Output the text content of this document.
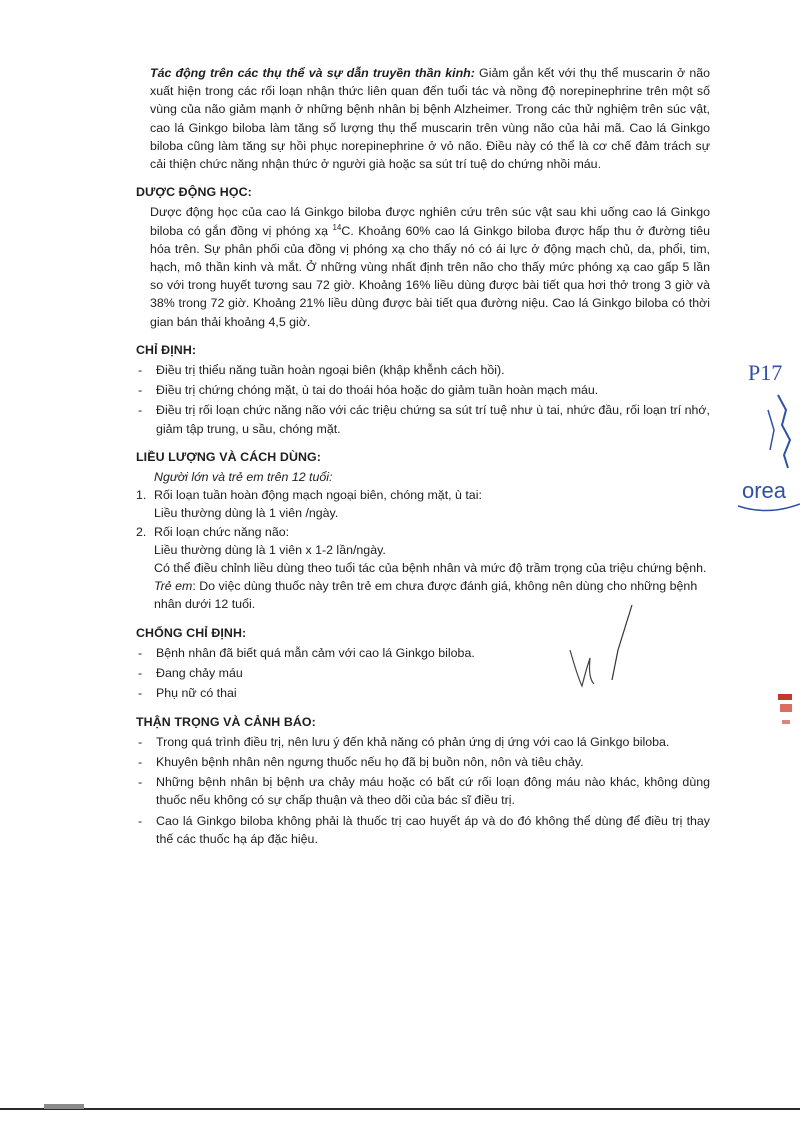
Tác động trên các thụ thể và sự dẫn truyền thần kinh: Giảm gắn kết với thụ thể muscarin ở não xuất hiện trong các rối loạn nhận thức liên quan đến tuổi tác và nồng độ norepinephrine trên một số vùng của não giảm mạnh ở những bệnh nhân bị bệnh Alzheimer. Trong các thử nghiệm trên súc vật, cao lá Ginkgo biloba làm tăng số lượng thụ thể muscarin trên vùng não của hải mã. Cao lá Ginkgo biloba cũng làm tăng sự hồi phục norepinephrine ở vỏ não. Điều này có thể là cơ chế đảm trách sự cải thiện chức năng nhận thức ở người già hoặc sa sút trí tuệ do chứng nhồi máu.

DƯỢC ĐỘNG HỌC:

Dược động học của cao lá Ginkgo biloba được nghiên cứu trên súc vật sau khi uống cao lá Ginkgo biloba có gắn đồng vị phóng xạ $^{14}$C. Khoảng 60% cao lá Ginkgo biloba được hấp thu ở đường tiêu hóa trên. Sự phân phối của đồng vị phóng xạ cho thấy nó có ái lực ở động mạch chủ, da, phổi, tim, hạch, mô thần kinh và mắt. Ở những vùng nhất định trên não cho thấy mức phóng xạ cao gấp 5 lần so với trong huyết tương sau 72 giờ. Khoảng 16% liều dùng được bài tiết qua hơi thở trong 3 giờ và 38% trong 72 giờ. Khoảng 21% liều dùng được bài tiết qua đường niệu. Cao lá Ginkgo biloba có thời gian bán thải khoảng 4,5 giờ.

CHỈ ĐỊNH:
- Điều trị thiểu năng tuần hoàn ngoại biên (khập khễnh cách hồi).
- Điều trị chứng chóng mặt, ù tai do thoái hóa hoặc do giảm tuần hoàn mạch máu.
- Điều trị rối loạn chức năng não với các triệu chứng sa sút trí tuệ như ù tai, nhức đầu, rối loạn trí nhớ, giảm tập trung, u sầu, chóng mặt.
LIỀU LƯỢNG VÀ CÁCH DÙNG:
Người lớn và trẻ em trên 12 tuổi:
1. Rối loạn tuần hoàn động mạch ngoại biên, chóng mặt, ù tai:
Liều thường dùng là 1 viên /ngày.
2. Rối loạn chức năng não:
Liều thường dùng là 1 viên x 1-2 lần/ngày.
Có thể điều chỉnh liều dùng theo tuổi tác của bệnh nhân và mức độ trầm trọng của triệu chứng bệnh.
Trẻ em: Do việc dùng thuốc này trên trẻ em chưa được đánh giá, không nên dùng cho những bệnh nhân dưới 12 tuổi.
CHỐNG CHỈ ĐỊNH:
- Bệnh nhân đã biết quá mẫn cảm với cao lá Ginkgo biloba.
- Đang chảy máu
- Phụ nữ có thai
THẬN TRỌNG VÀ CẢNH BÁO:
- Trong quá trình điều trị, nên lưu ý đến khả năng có phản ứng dị ứng với cao lá Ginkgo biloba.
- Khuyên bệnh nhân nên ngưng thuốc nếu họ đã bị buồn nôn, nôn và tiêu chảy.
- Những bệnh nhân bị bệnh ưa chảy máu hoặc có bất cứ rối loạn đông máu nào khác, không dùng thuốc nếu không có sự chấp thuận và theo dõi của bác sĩ điều trị.
- Cao lá Ginkgo biloba không phải là thuốc trị cao huyết áp và do đó không thể dùng để điều trị thay thế các thuốc hạ áp đặc hiệu.
P17
orea
